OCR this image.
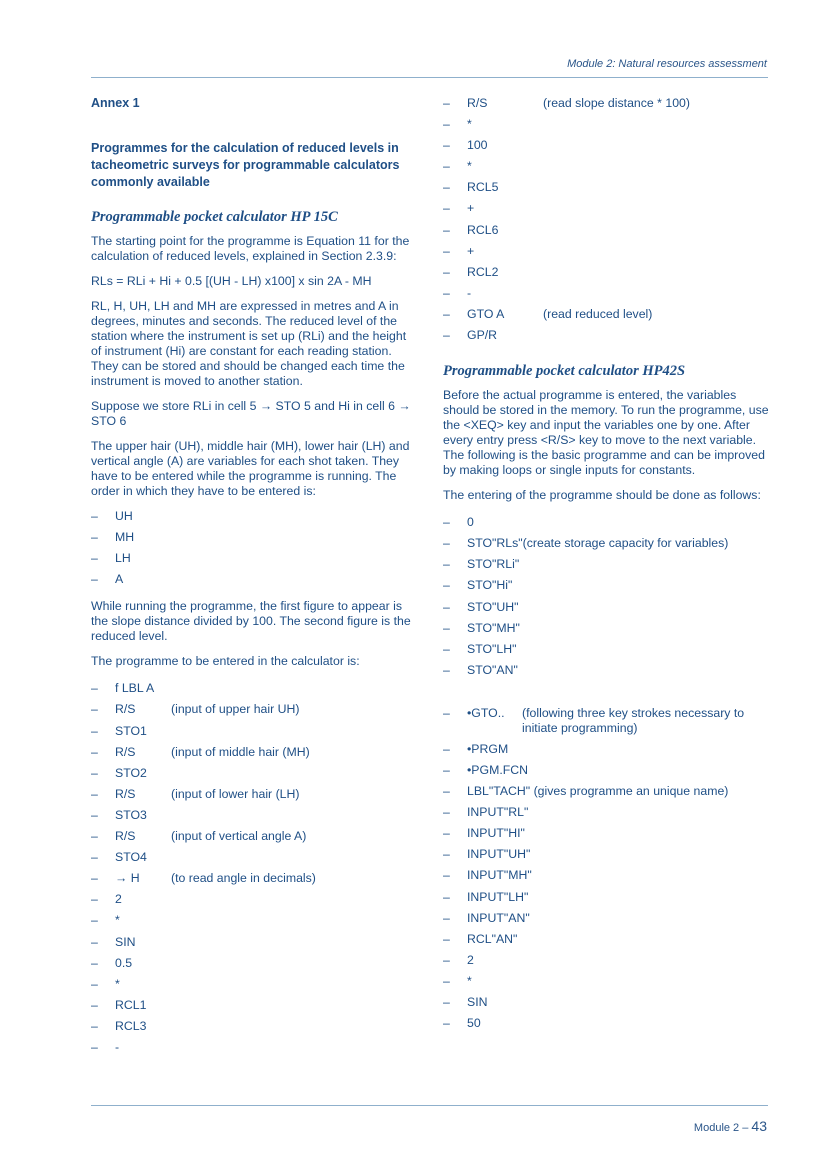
Module 2: Natural resources assessment
Annex 1
Programmes for the calculation of reduced levels in tacheometric surveys for programmable calculators commonly available
Programmable pocket calculator HP 15C

The starting point for the programme is Equation 11 for the calculation of reduced levels, explained in Section 2.3.9:

RLs = RLi + Hi + 0.5 [(UH - LH) x100] x sin 2A - MH

RL, H, UH, LH and MH are expressed in metres and A in degrees, minutes and seconds. The reduced level of the station where the instrument is set up (RLi) and the height of instrument (Hi) are constant for each reading station. They can be stored and should be changed each time the instrument is moved to another station.

Suppose we store RLi in cell 5 → STO 5 and Hi in cell 6 → STO 6

The upper hair (UH), middle hair (MH), lower hair (LH) and vertical angle (A) are variables for each shot taken. They have to be entered while the programme is running. The order in which they have to be entered is:

– UH
– MH
– LH
– A

While running the programme, the first figure to appear is the slope distance divided by 100. The second figure is the reduced level.

The programme to be entered in the calculator is:

– f LBL A
– R/S	(input of upper hair UH)
– STO1
– R/S	(input of middle hair (MH)
– STO2
– R/S	(input of lower hair (LH)
– STO3
– R/S	(input of vertical angle A)
– STO4
– → H	(to read angle in decimals)
– 2
– *
– SIN
– 0.5
– *
– RCL1
– RCL3
– -
– R/S	(read slope distance * 100)
– *
– 100
– *
– RCL5
– +
– RCL6
– +
– RCL2
– -
– GTO A	(read reduced level)
– GP/R
Programmable pocket calculator HP42S

Before the actual programme is entered, the variables should be stored in the memory. To run the programme, use the <XEQ> key and input the variables one by one. After every entry press <R/S> key to move to the next variable. The following is the basic programme and can be improved by making loops or single inputs for constants.

The entering of the programme should be done as follows:

– 0
– STO"RLs"(create storage capacity for variables)
– STO"RLi"
– STO"Hi"
– STO"UH"
– STO"MH"
– STO"LH"
– STO"AN"
– •GTO.. (following three key strokes necessary to initiate programming)
– •PRGM
– •PGM.FCN
– LBL"TACH" (gives programme an unique name)
– INPUT"RL"
– INPUT"HI"
– INPUT"UH"
– INPUT"MH"
– INPUT"LH"
– INPUT"AN"
– RCL"AN"
– 2
– *
– SIN
– 50
Module 2 – 43
